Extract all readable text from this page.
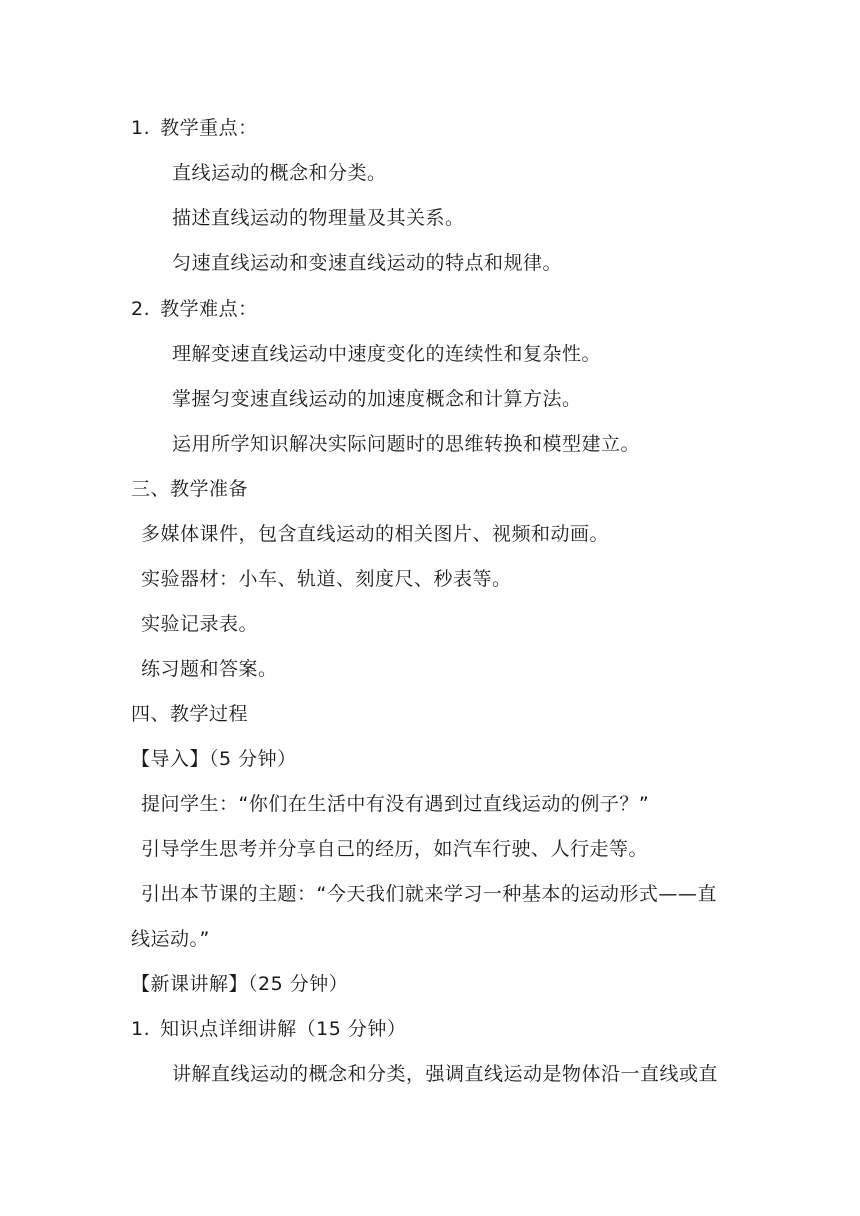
1. 教学重点：
直线运动的概念和分类。
描述直线运动的物理量及其关系。
匀速直线运动和变速直线运动的特点和规律。
2. 教学难点：
理解变速直线运动中速度变化的连续性和复杂性。
掌握匀变速直线运动的加速度概念和计算方法。
运用所学知识解决实际问题时的思维转换和模型建立。
三、教学准备
多媒体课件，包含直线运动的相关图片、视频和动画。
实验器材：小车、轨道、刻度尺、秒表等。
实验记录表。
练习题和答案。
四、教学过程
【导入】（5 分钟）
提问学生：“你们在生活中有没有遇到过直线运动的例子？”
引导学生思考并分享自己的经历，如汽车行驶、人行走等。
引出本节课的主题：“今天我们就来学习一种基本的运动形式——直
线运动。”
【新课讲解】（25 分钟）
1. 知识点详细讲解（15 分钟）
讲解直线运动的概念和分类，强调直线运动是物体沿一直线或直
